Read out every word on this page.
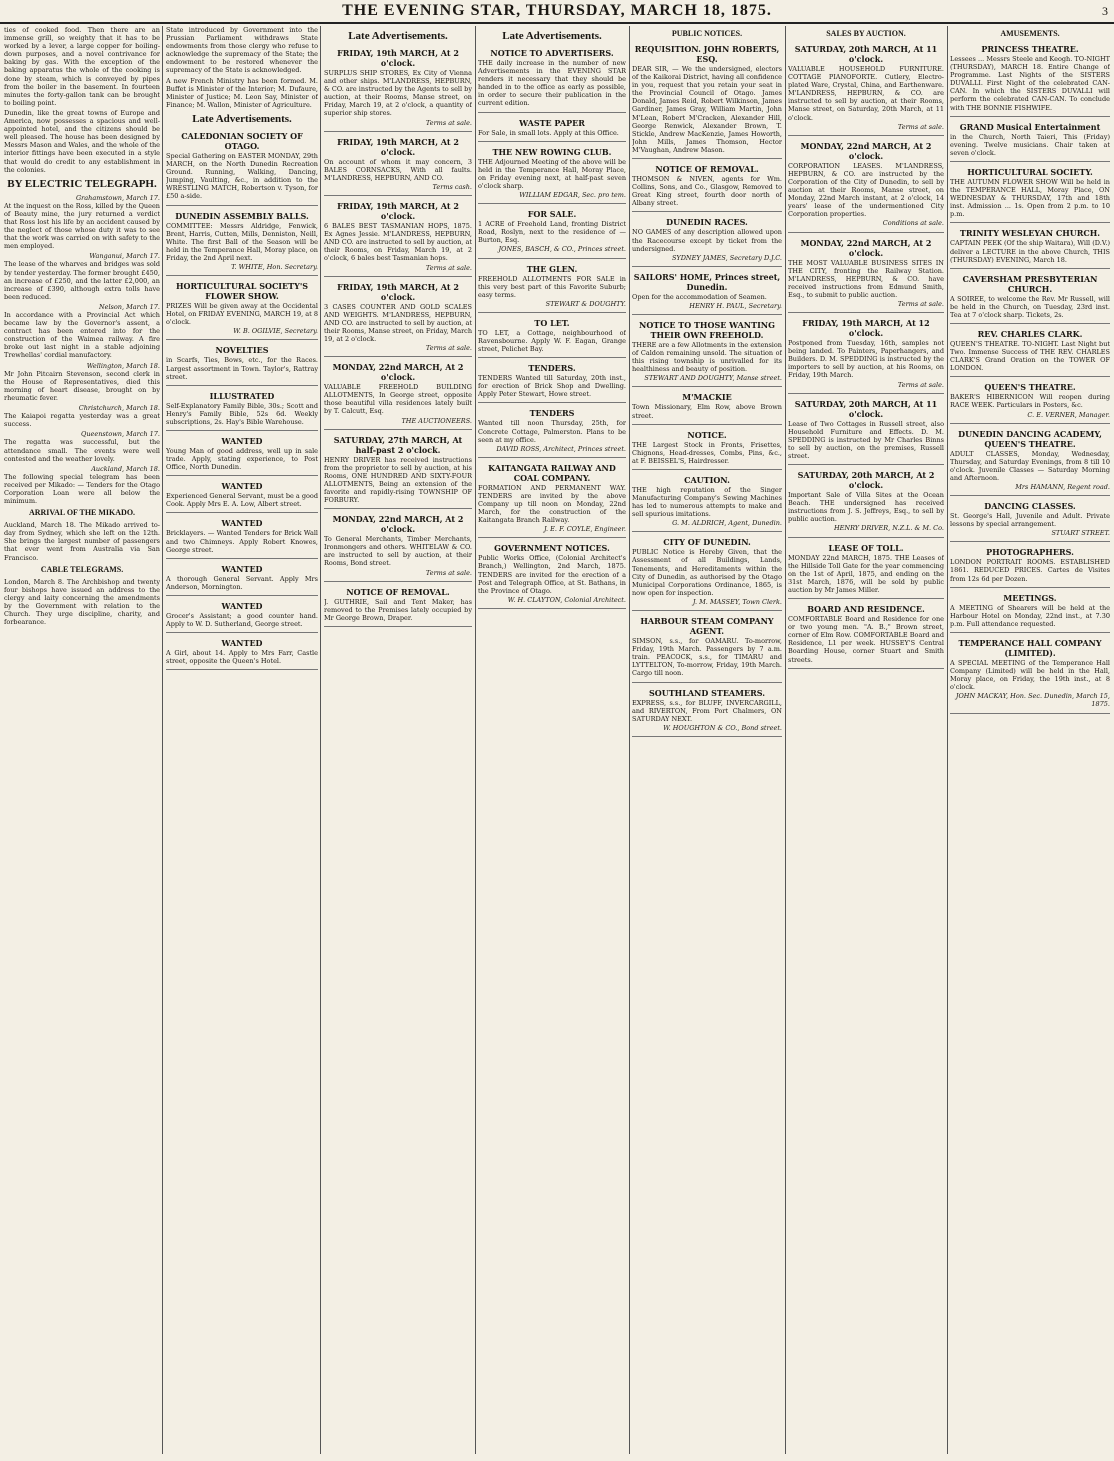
THE EVENING STAR, THURSDAY, MARCH 18, 1875.	3

ties of cooked food. Then there are an immense grill, so weighty that it has to be worked by a lever, a large copper for boiling-down purposes, and a novel contrivance for baking by gas. With the exception of the baking apparatus the whole of the cooking is done by steam, which is conveyed by pipes from the boiler in the basement. In fourteen minutes the forty-gallon tank can be brought to boiling point.

Dunedin, like the great towns of Europe and America, now possesses a spacious and well-appointed hotel, and the citizens should be well pleased. The house has been designed by Messrs Mason and Wales, and the whole of the interior fittings have been executed in a style that would do credit to any establishment in the colonies.

BY ELECTRIC TELEGRAPH.
Grahamstown, March 17.

At the inquest on the Ross, killed by the Queen of Beauty mine, the jury returned a verdict that Ross lost his life by an accident caused by the neglect of those whose duty it was to see that the work was carried on with safety to the men employed.

Wanganui, March 17.

The lease of the wharves and bridges was sold by tender yesterday. The former brought £450, an increase of £250, and the latter £2,000, an increase of £390, although extra tolls have been reduced.

Nelson, March 17.

In accordance with a Provincial Act which became law by the Governor's assent, a contract has been entered into for the construction of the Waimea railway. A fire broke out last night in a stable adjoining Trewhellas' cordial manufactory.

Wellington, March 18.

Mr John Pitcairn Stevenson, second clerk in the House of Representatives, died this morning of heart disease, brought on by rheumatic fever.

Christchurch, March 18.

The Kaiapoi regatta yesterday was a great success.

Queenstown, March 17.

The regatta was successful, but the attendance small. The events were well contested and the weather lovely.

Auckland, March 18.

The following special telegram has been received per Mikado: — Tenders for the Otago Corporation Loan were all below the minimum.

ARRIVAL OF THE MIKADO.

Auckland, March 18. The Mikado arrived to-day from Sydney, which she left on the 12th. She brings the largest number of passengers that ever went from Australia via San Francisco.

CABLE TELEGRAMS.

London, March 8. The Archbishop and twenty four bishops have issued an address to the clergy and laity concerning the amendments by the Government with relation to the Church. They urge discipline, charity, and forbearance.

State introduced by Government into the Prussian Parliament withdraws State endowments from those clergy who refuse to acknowledge the supremacy of the State; the endowment to be restored whenever the supremacy of the State is acknowledged.

A new French Ministry has been formed. M. Buffet is Minister of the Interior; M. Dufaure, Minister of Justice; M. Leon Say, Minister of Finance; M. Wallon, Minister of Agriculture.

Late Advertisements.
CALEDONIAN SOCIETY OF OTAGO.

Special Gathering on EASTER MONDAY, 29th MARCH, on the North Dunedin Recreation Ground. Running, Walking, Dancing, Jumping, Vaulting, &c., in addition to the WRESTLING MATCH, Robertson v. Tyson, for £50 a-side.

DUNEDIN ASSEMBLY BALLS.

COMMITTEE: Messrs Aldridge, Fenwick, Brent, Harris, Cutten, Mills, Denniston, Neill, White. The first Ball of the Season will be held in the Temperance Hall, Moray place, on Friday, the 2nd April next.

T. WHITE, Hon. Secretary.
HORTICULTURAL SOCIETY'S FLOWER SHOW.

PRIZES Will be given away at the Occidental Hotel, on FRIDAY EVENING, MARCH 19, at 8 o'clock.

W. B. OGILVIE, Secretary.
NOVELTIES

in Scarfs, Ties, Bows, etc., for the Races. Largest assortment in Town. Taylor's, Rattray street.

ILLUSTRATED

Self-Explanatory Family Bible, 30s.; Scott and Henry's Family Bible, 52s 6d. Weekly subscriptions, 2s. Hay's Bible Warehouse.

WANTED

Young Man of good address, well up in sale trade. Apply, stating experience, to Post Office, North Dunedin.

WANTED

Experienced General Servant, must be a good Cook. Apply Mrs E. A. Low, Albert street.

WANTED

Bricklayers. — Wanted Tenders for Brick Wall and two Chimneys. Apply Robert Knowes, George street.

WANTED

A thorough General Servant. Apply Mrs Anderson, Mornington.

WANTED

Grocer's Assistant; a good counter hand. Apply to W. D. Sutherland, George street.

WANTED

A Girl, about 14. Apply to Mrs Farr, Castle street, opposite the Queen's Hotel.

Late Advertisements.
FRIDAY, 19th MARCH, At 2 o'clock.

SURPLUS SHIP STORES, Ex City of Vienna and other ships. M'LANDRESS, HEPBURN, & CO. are instructed by the Agents to sell by auction, at their Rooms, Manse street, on Friday, March 19, at 2 o'clock, a quantity of superior ship stores.

Terms at sale.
FRIDAY, 19th MARCH, At 2 o'clock.

On account of whom it may concern, 3 BALES CORNSACKS, With all faults. M'LANDRESS, HEPBURN, AND CO.

Terms cash.
FRIDAY, 19th MARCH, At 2 o'clock.

6 BALES BEST TASMANIAN HOPS, 1875. Ex Agnes Jessie. M'LANDRESS, HEPBURN, AND CO. are instructed to sell by auction, at their Rooms, on Friday, March 19, at 2 o'clock, 6 bales best Tasmanian hops.

Terms at sale.
FRIDAY, 19th MARCH, At 2 o'clock.

3 CASES COUNTER AND GOLD SCALES AND WEIGHTS. M'LANDRESS, HEPBURN, AND CO. are instructed to sell by auction, at their Rooms, Manse street, on Friday, March 19, at 2 o'clock.

Terms at sale.
MONDAY, 22nd MARCH, At 2 o'clock.

VALUABLE FREEHOLD BUILDING ALLOTMENTS, In George street, opposite those beautiful villa residences lately built by T. Calcutt, Esq.

THE AUCTIONEERS.
SATURDAY, 27th MARCH, At half-past 2 o'clock.

HENRY DRIVER has received instructions from the proprietor to sell by auction, at his Rooms, ONE HUNDRED AND SIXTY-FOUR ALLOTMENTS, Being an extension of the favorite and rapidly-rising TOWNSHIP OF FORBURY.

MONDAY, 22nd MARCH, At 2 o'clock.

To General Merchants, Timber Merchants, Ironmongers and others. WHITELAW & CO. are instructed to sell by auction, at their Rooms, Bond street.

Terms at sale.
NOTICE OF REMOVAL.

J. GUTHRIE, Sail and Tent Maker, has removed to the Premises lately occupied by Mr George Brown, Draper.

Late Advertisements.
NOTICE TO ADVERTISERS.

THE daily increase in the number of new Advertisements in the EVENING STAR renders it necessary that they should be handed in to the office as early as possible, in order to secure their publication in the current edition.

WASTE PAPER

For Sale, in small lots. Apply at this Office.

THE NEW ROWING CLUB.

THE Adjourned Meeting of the above will be held in the Temperance Hall, Moray Place, on Friday evening next, at half-past seven o'clock sharp.

WILLIAM EDGAR, Sec. pro tem.
FOR SALE.

1 ACRE of Freehold Land, fronting District Road, Roslyn, next to the residence of — Burton, Esq.

JONES, BASCH, & CO., Princes street.
THE GLEN.

FREEHOLD ALLOTMENTS FOR SALE in this very best part of this Favorite Suburb; easy terms.

STEWART & DOUGHTY.
TO LET.

TO LET, a Cottage, neighbourhood of Ravensbourne. Apply W. F. Eagan, Grange street, Pelichet Bay.

TENDERS.

TENDERS Wanted till Saturday, 20th inst., for erection of Brick Shop and Dwelling. Apply Peter Stewart, Howe street.

TENDERS

Wanted till noon Thursday, 25th, for Concrete Cottage, Palmerston. Plans to be seen at my office.

DAVID ROSS, Architect, Princes street.
KAITANGATA RAILWAY AND COAL COMPANY.

FORMATION AND PERMANENT WAY. TENDERS are invited by the above Company up till noon on Monday, 22nd March, for the construction of the Kaitangata Branch Railway.

J. E. F. COYLE, Engineer.
GOVERNMENT NOTICES.

Public Works Office, (Colonial Architect's Branch,) Wellington, 2nd March, 1875. TENDERS are invited for the erection of a Post and Telegraph Office, at St. Bathans, in the Province of Otago.

W. H. CLAYTON, Colonial Architect.
PUBLIC NOTICES.
REQUISITION. JOHN ROBERTS, ESQ.

DEAR SIR, — We the undersigned, electors of the Kaikorai District, having all confidence in you, request that you retain your seat in the Provincial Council of Otago. James Donald, James Reid, Robert Wilkinson, James Gardiner, James Gray, William Martin, John M'Lean, Robert M'Cracken, Alexander Hill, George Renwick, Alexander Brown, T. Stickle, Andrew MacKenzie, James Howorth, John Mills, James Thomson, Hector M'Vaughan, Andrew Mason.

NOTICE OF REMOVAL.

THOMSON & NIVEN, agents for Wm. Collins, Sons, and Co., Glasgow, Removed to Great King street, fourth door north of Albany street.

DUNEDIN RACES.

NO GAMES of any description allowed upon the Racecourse except by ticket from the undersigned.

SYDNEY JAMES, Secretary D.J.C.
SAILORS' HOME, Princes street, Dunedin.

Open for the accommodation of Seamen.

HENRY H. PAUL, Secretary.
NOTICE TO THOSE WANTING THEIR OWN FREEHOLD.

THERE are a few Allotments in the extension of Caldon remaining unsold. The situation of this rising township is unrivalled for its healthiness and beauty of position.

STEWART AND DOUGHTY, Manse street.
M'MACKIE

Town Missionary, Elm Row, above Brown street.

NOTICE.

THE Largest Stock in Fronts, Frisettes, Chignons, Head-dresses, Combs, Pins, &c., at F. BEISSEL'S, Hairdresser.

CAUTION.

THE high reputation of the Singer Manufacturing Company's Sewing Machines has led to numerous attempts to make and sell spurious imitations.

G. M. ALDRICH, Agent, Dunedin.
CITY OF DUNEDIN.

PUBLIC Notice is Hereby Given, that the Assessment of all Buildings, Lands, Tenements, and Hereditaments within the City of Dunedin, as authorised by the Otago Municipal Corporations Ordinance, 1865, is now open for inspection.

J. M. MASSEY, Town Clerk.
HARBOUR STEAM COMPANY AGENT.

SIMSON, s.s., for OAMARU. To-morrow, Friday, 19th March. Passengers by 7 a.m. train. PEACOCK, s.s., for TIMARU and LYTTELTON, To-morrow, Friday, 19th March. Cargo till noon.

SOUTHLAND STEAMERS.

EXPRESS, s.s., for BLUFF, INVERCARGILL, and RIVERTON, From Port Chalmers, ON SATURDAY NEXT.

W. HOUGHTON & CO., Bond street.
SALES BY AUCTION.
SATURDAY, 20th MARCH, At 11 o'clock.

VALUABLE HOUSEHOLD FURNITURE. COTTAGE PIANOFORTE. Cutlery, Electro-plated Ware, Crystal, China, and Earthenware. M'LANDRESS, HEPBURN, & CO. are instructed to sell by auction, at their Rooms, Manse street, on Saturday, 20th March, at 11 o'clock.

Terms at sale.
MONDAY, 22nd MARCH, At 2 o'clock.

CORPORATION LEASES. M'LANDRESS, HEPBURN, & CO. are instructed by the Corporation of the City of Dunedin, to sell by auction at their Rooms, Manse street, on Monday, 22nd March instant, at 2 o'clock, 14 years' lease of the undermentioned City Corporation properties.

Conditions at sale.
MONDAY, 22nd MARCH, At 2 o'clock.

THE MOST VALUABLE BUSINESS SITES IN THE CITY, fronting the Railway Station. M'LANDRESS, HEPBURN, & CO. have received instructions from Edmund Smith, Esq., to submit to public auction.

Terms at sale.
FRIDAY, 19th MARCH, At 12 o'clock.

Postponed from Tuesday, 16th, samples not being landed. To Painters, Paperhangers, and Builders. D. M. SPEDDING is instructed by the importers to sell by auction, at his Rooms, on Friday, 19th March.

Terms at sale.
SATURDAY, 20th MARCH, At 11 o'clock.

Lease of Two Cottages in Russell street, also Household Furniture and Effects. D. M. SPEDDING is instructed by Mr Charles Binns to sell by auction, on the premises, Russell street.

SATURDAY, 20th MARCH, At 2 o'clock.

Important Sale of Villa Sites at the Ocean Beach. THE undersigned has received instructions from J. S. Jeffreys, Esq., to sell by public auction.

HENRY DRIVER, N.Z.L. & M. Co.
LEASE OF TOLL.

MONDAY 22nd MARCH, 1875. THE Leases of the Hillside Toll Gate for the year commencing on the 1st of April, 1875, and ending on the 31st March, 1876, will be sold by public auction by Mr James Miller.

BOARD AND RESIDENCE.

COMFORTABLE Board and Residence for one or two young men. "A. B.," Brown street, corner of Elm Row. COMFORTABLE Board and Residence, L1 per week. HUSSEY'S Central Boarding House, corner Stuart and Smith streets.

AMUSEMENTS.
PRINCESS THEATRE.

Lessees ... Messrs Steele and Keogh. TO-NIGHT (THURSDAY), MARCH 18. Entire Change of Programme. Last Nights of the SISTERS DUVALLI. First Night of the celebrated CAN-CAN. In which the SISTERS DUVALLI will perform the celebrated CAN-CAN. To conclude with THE BONNIE FISHWIFE.

GRAND Musical Entertainment

in the Church, North Taieri, This (Friday) evening. Twelve musicians. Chair taken at seven o'clock.

HORTICULTURAL SOCIETY.

THE AUTUMN FLOWER SHOW Will be held in the TEMPERANCE HALL, Moray Place, ON WEDNESDAY & THURSDAY, 17th and 18th inst. Admission ... 1s. Open from 2 p.m. to 10 p.m.

TRINITY WESLEYAN CHURCH.

CAPTAIN PEEK (Of the ship Waitara), Will (D.V.) deliver a LECTURE in the above Church, THIS (THURSDAY) EVENING, March 18.

CAVERSHAM PRESBYTERIAN CHURCH.

A SOIREE, to welcome the Rev. Mr Russell, will be held in the Church, on Tuesday, 23rd inst. Tea at 7 o'clock sharp. Tickets, 2s.

REV. CHARLES CLARK.

QUEEN'S THEATRE. TO-NIGHT. Last Night but Two. Immense Success of THE REV. CHARLES CLARK'S Grand Oration on the TOWER OF LONDON.

QUEEN'S THEATRE.

BAKER'S HIBERNICON Will reopen during RACE WEEK. Particulars in Posters, &c.

C. E. VERNER, Manager.
DUNEDIN DANCING ACADEMY, QUEEN'S THEATRE.

ADULT CLASSES, Monday, Wednesday, Thursday, and Saturday Evenings, from 8 till 10 o'clock. Juvenile Classes — Saturday Morning and Afternoon.

Mrs HAMANN, Regent road.
DANCING CLASSES.

St. George's Hall, Juvenile and Adult. Private lessons by special arrangement.

STUART STREET.
PHOTOGRAPHERS.

LONDON PORTRAIT ROOMS. ESTABLISHED 1861. REDUCED PRICES. Cartes de Visites from 12s 6d per Dozen.

MEETINGS.

A MEETING of Shearers will be held at the Harbour Hotel on Monday, 22nd inst., at 7.30 p.m. Full attendance requested.

TEMPERANCE HALL COMPANY (LIMITED).

A SPECIAL MEETING of the Temperance Hall Company (Limited) will be held in the Hall, Moray place, on Friday, the 19th inst., at 8 o'clock.

JOHN MACKAY, Hon. Sec. Dunedin, March 15, 1875.
